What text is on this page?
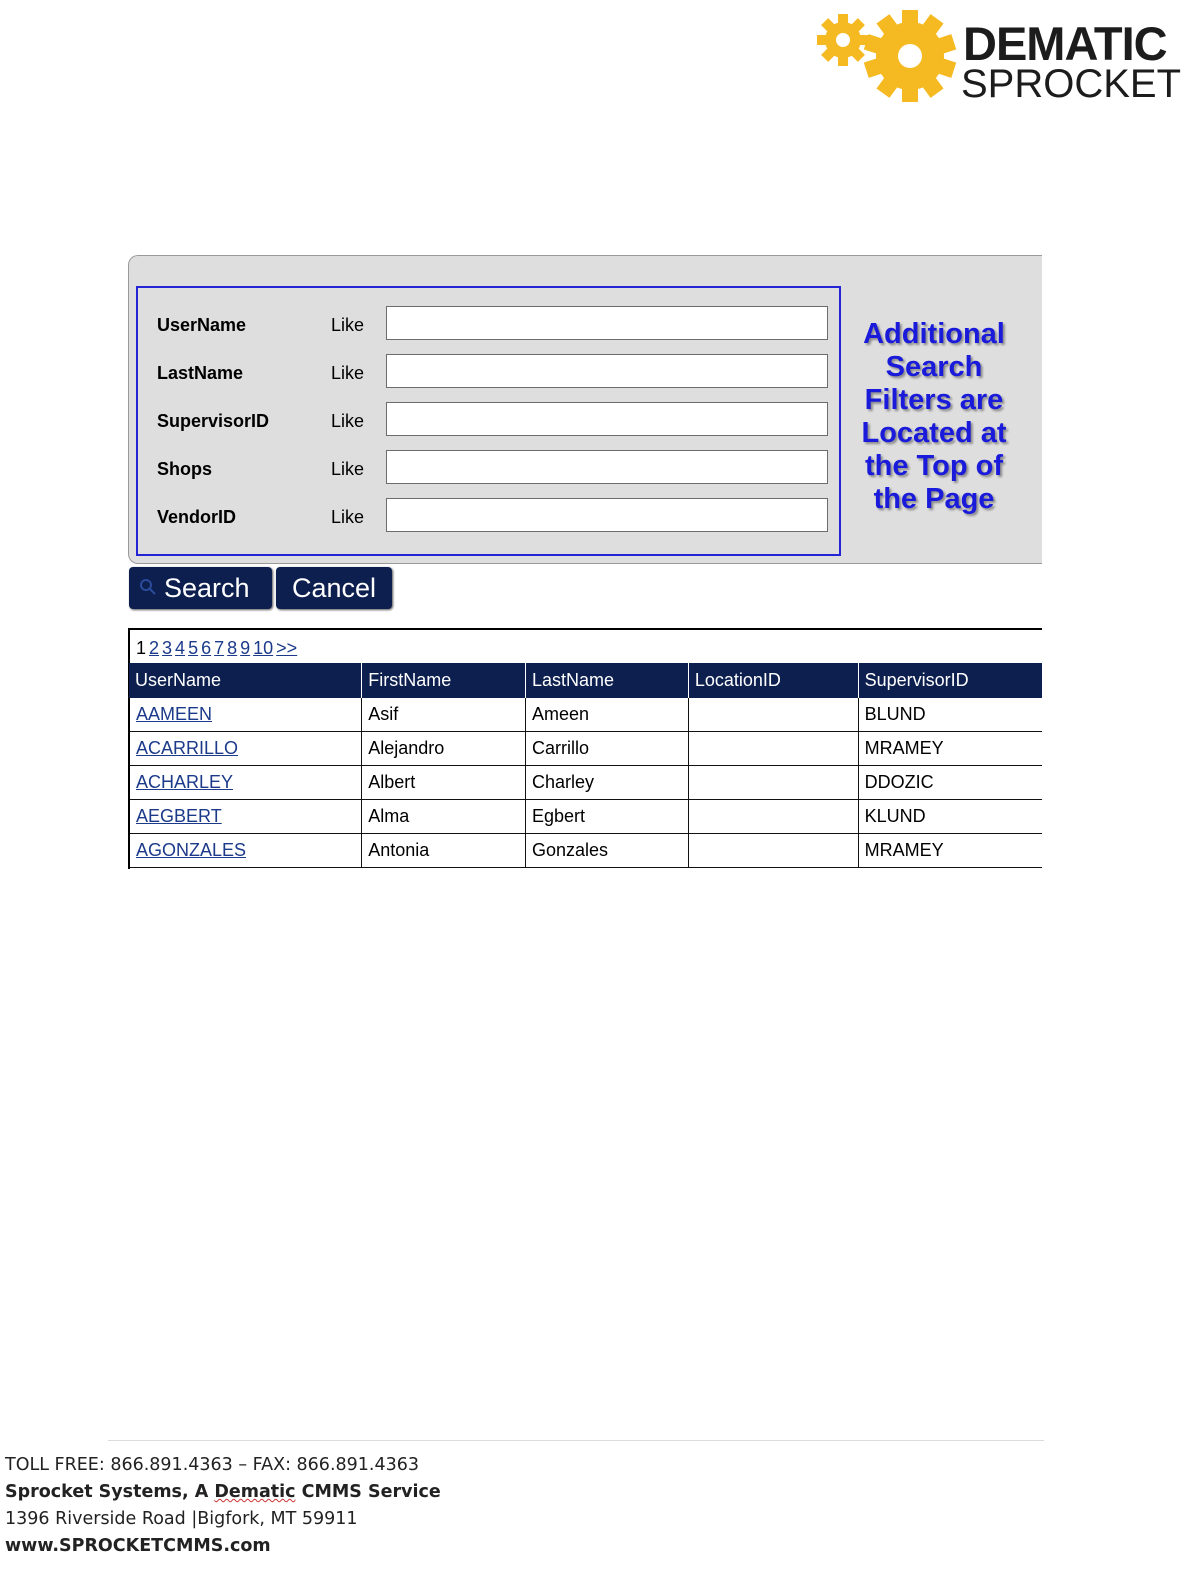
DEMATIC
SPROCKET
UserName	Like
LastName	Like
SupervisorID	Like
Shops	Like
VendorID	Like
Additional Search Filters are Located at the Top of the Page
Search	Cancel
1 2 3 4 5 6 7 8 9 10 >>
UserName	FirstName	LastName	LocationID	SupervisorID
AAMEEN	Asif	Ameen		BLUND
ACARRILLO	Alejandro	Carrillo		MRAMEY
ACHARLEY	Albert	Charley		DDOZIC
AEGBERT	Alma	Egbert		KLUND
AGONZALES	Antonia	Gonzales		MRAMEY
TOLL FREE: 866.891.4363 – FAX: 866.891.4363
Sprocket Systems, A Dematic CMMS Service
1396 Riverside Road |Bigfork, MT 59911
www.SPROCKETCMMS.com
